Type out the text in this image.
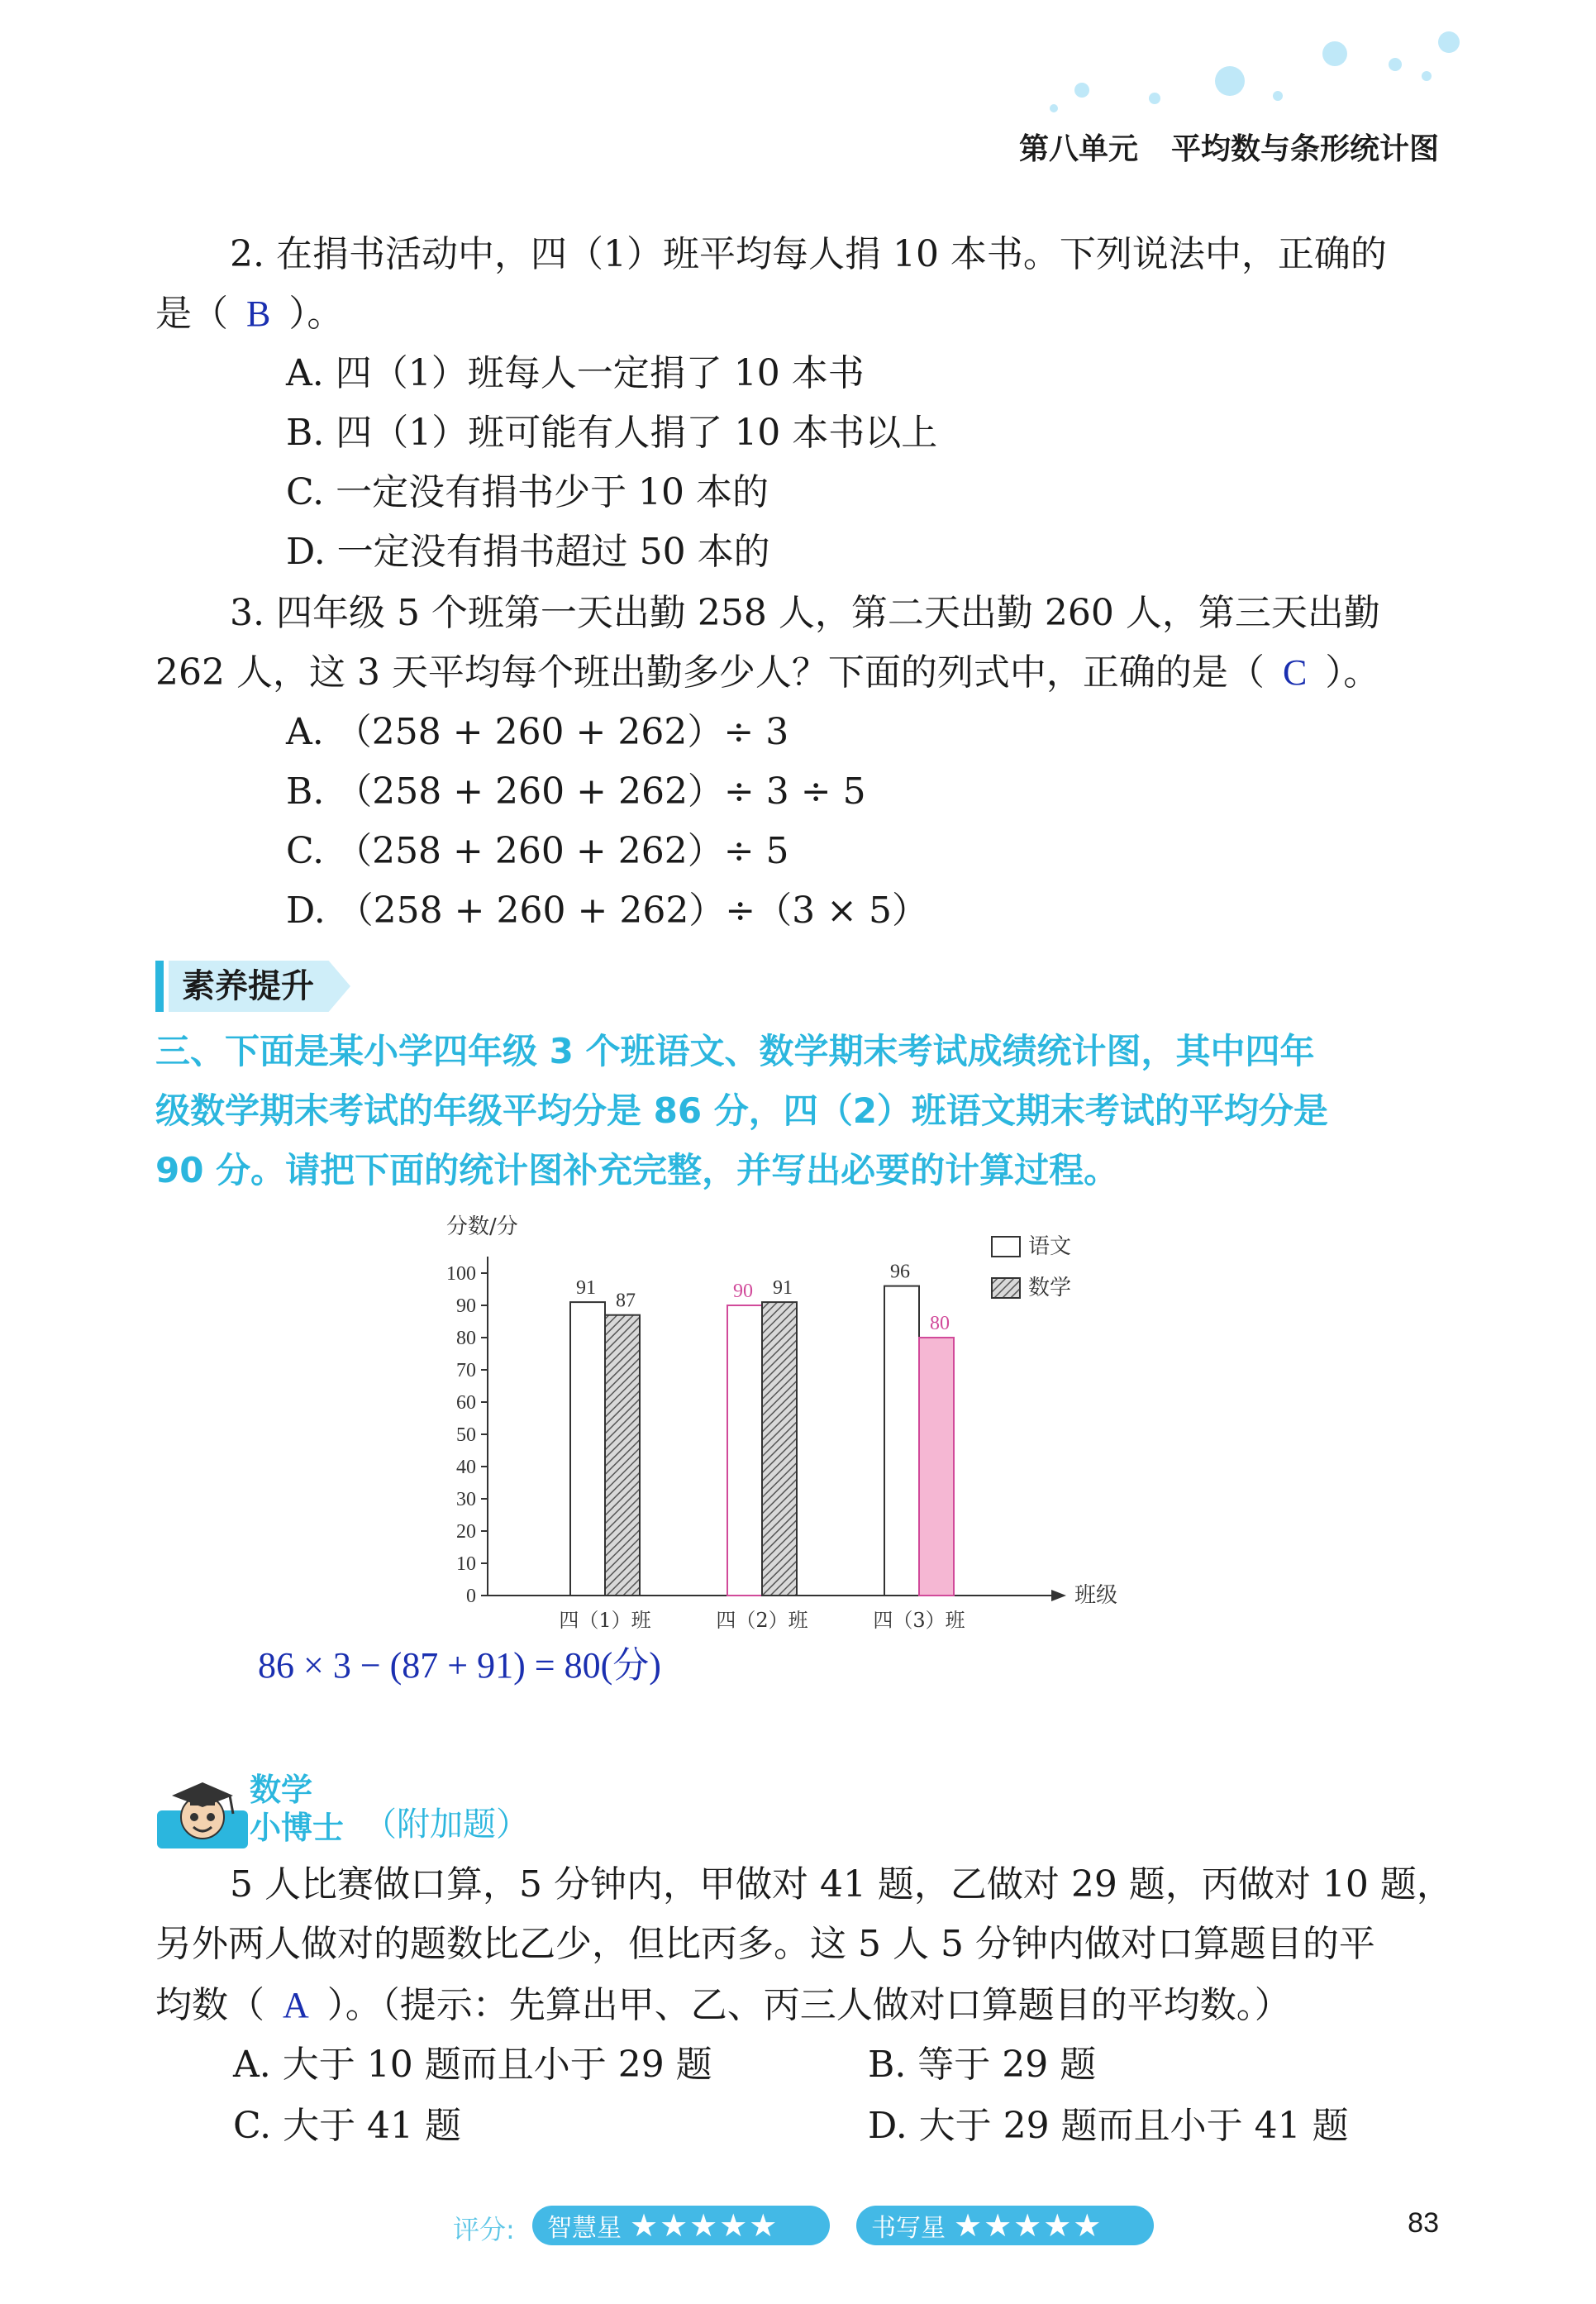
第八单元 平均数与条形统计图
2. 在捐书活动中，四（1）班平均每人捐 10 本书。下列说法中，正确的
是（ B ）。
A. 四（1）班每人一定捐了 10 本书
B. 四（1）班可能有人捐了 10 本书以上
C. 一定没有捐书少于 10 本的
D. 一定没有捐书超过 50 本的
3. 四年级 5 个班第一天出勤 258 人，第二天出勤 260 人，第三天出勤
262 人，这 3 天平均每个班出勤多少人？下面的列式中，正确的是（ C ）。
A. （258 + 260 + 262）÷ 3
B. （258 + 260 + 262）÷ 3 ÷ 5
C. （258 + 260 + 262）÷ 5
D. （258 + 260 + 262）÷（3 × 5）
素养提升
三、下面是某小学四年级 3 个班语文、数学期末考试成绩统计图，其中四年
级数学期末考试的年级平均分是 86 分，四（2）班语文期末考试的平均分是
90 分。请把下面的统计图补充完整，并写出必要的计算过程。
分数/分
班级
0
10
20
30
40
50
60
70
80
90
100
91
87	90 91
96
80
四（1）班	四（2）班	四（3）班
语文
数学
86 × 3 − (87 + 91) = 80(分)
数学
小博士 （附加题）
5 人比赛做口算，5 分钟内，甲做对 41 题，乙做对 29 题，丙做对 10 题，
另外两人做对的题数比乙少，但比丙多。这 5 人 5 分钟内做对口算题目的平
均数（ A ）。（提示：先算出甲、乙、丙三人做对口算题目的平均数。）
A. 大于 10 题而且小于 29 题	B. 等于 29 题
C. 大于 41 题	D. 大于 29 题而且小于 41 题
评分: 智慧星 ★★★★★	书写星 ★★★★★	83
